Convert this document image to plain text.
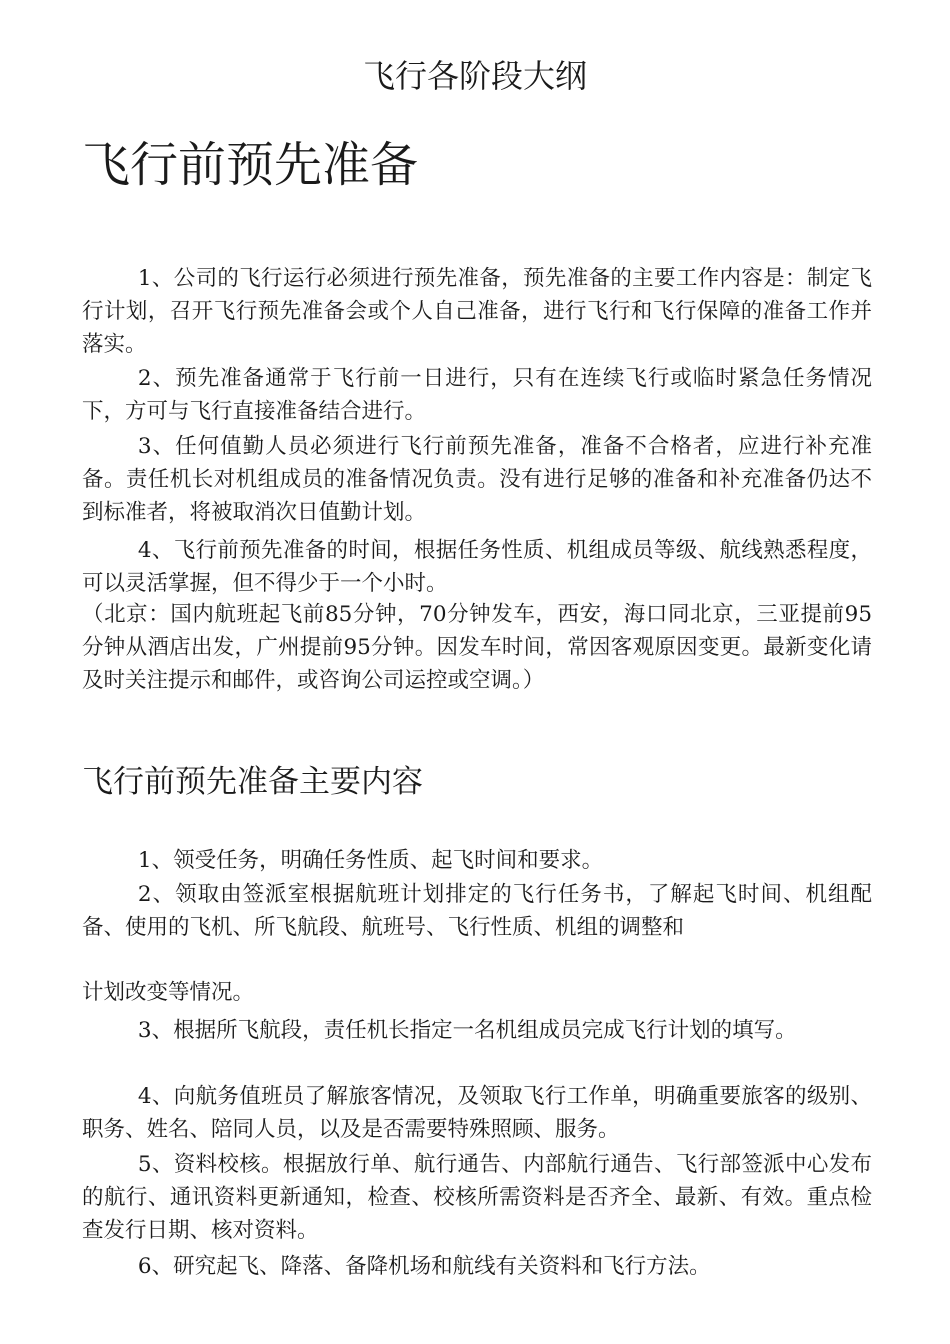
飞行各阶段大纲
飞行前预先准备

1、公司的飞行运行必须进行预先准备，预先准备的主要工作内容是：制定飞行计划，召开飞行预先准备会或个人自己准备，进行飞行和飞行保障的准备工作并落实。

2、预先准备通常于飞行前一日进行，只有在连续飞行或临时紧急任务情况下，方可与飞行直接准备结合进行。

3、任何值勤人员必须进行飞行前预先准备，准备不合格者，应进行补充准备。责任机长对机组成员的准备情况负责。没有进行足够的准备和补充准备仍达不到标准者，将被取消次日值勤计划。

4、飞行前预先准备的时间，根据任务性质、机组成员等级、航线熟悉程度，可以灵活掌握，但不得少于一个小时。

（北京：国内航班起飞前85分钟，70分钟发车，西安，海口同北京，三亚提前95分钟从酒店出发，广州提前95分钟。因发车时间，常因客观原因变更。最新变化请及时关注提示和邮件，或咨询公司运控或空调。）

飞行前预先准备主要内容

1、领受任务，明确任务性质、起飞时间和要求。

2、领取由签派室根据航班计划排定的飞行任务书，了解起飞时间、机组配备、使用的飞机、所飞航段、航班号、飞行性质、机组的调整和

计划改变等情况。

3、根据所飞航段，责任机长指定一名机组成员完成飞行计划的填写。

4、向航务值班员了解旅客情况，及领取飞行工作单，明确重要旅客的级别、职务、姓名、陪同人员，以及是否需要特殊照顾、服务。

5、资料校核。根据放行单、航行通告、内部航行通告、飞行部签派中心发布的航行、通讯资料更新通知，检查、校核所需资料是否齐全、最新、有效。重点检查发行日期、核对资料。

6、研究起飞、降落、备降机场和航线有关资料和飞行方法。
